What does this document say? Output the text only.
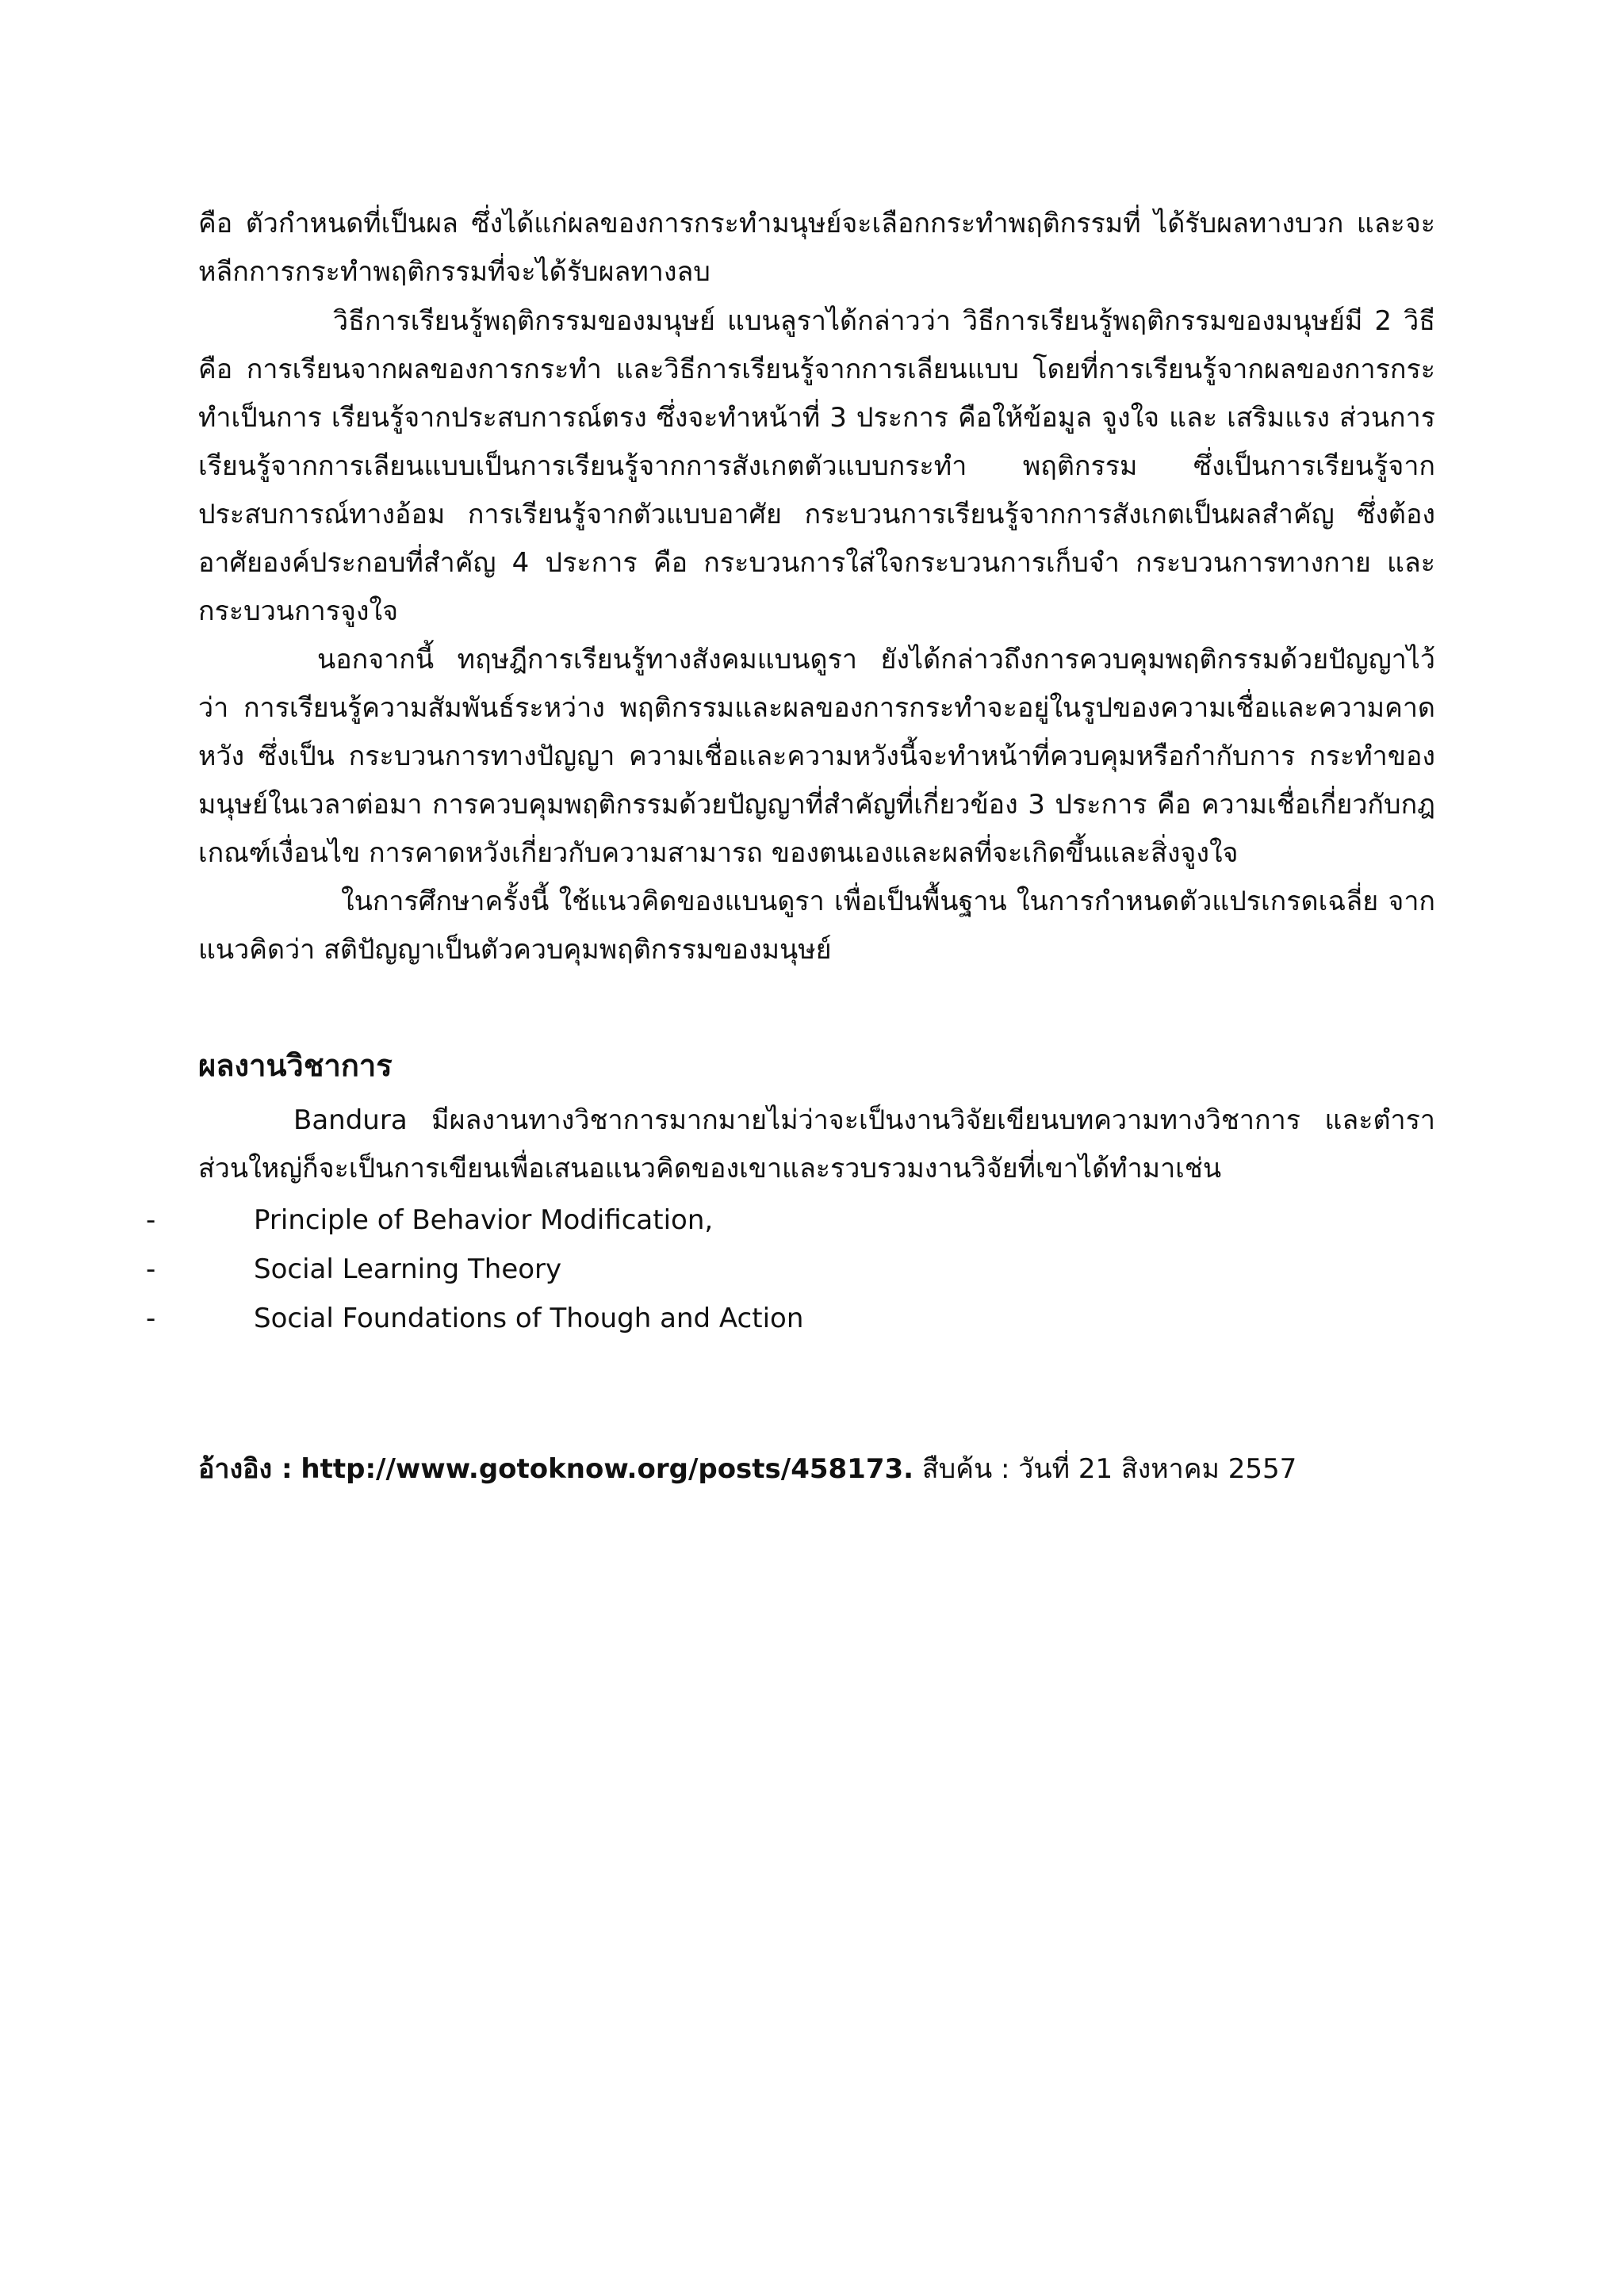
คือ ตัวกำหนดที่เป็นผล ซึ่งได้แก่ผลของการกระทำมนุษย์จะเลือกกระทำพฤติกรรมที่ ได้รับผลทางบวก และจะหลีกการกระทำพฤติกรรมที่จะได้รับผลทางลบ

วิธีการเรียนรู้พฤติกรรมของมนุษย์ แบนลูราได้กล่าวว่า วิธีการเรียนรู้พฤติกรรมของมนุษย์มี 2 วิธี คือ การเรียนจากผลของการกระทำ และวิธีการเรียนรู้จากการเลียนแบบ โดยที่การเรียนรู้จากผลของการกระทำเป็นการ เรียนรู้จากประสบการณ์ตรง ซึ่งจะทำหน้าที่ 3 ประการ คือให้ข้อมูล จูงใจ และ เสริมแรง ส่วนการเรียนรู้จากการเลียนแบบเป็นการเรียนรู้จากการสังเกตตัวแบบกระทำ พฤติกรรม ซึ่งเป็นการเรียนรู้จากประสบการณ์ทางอ้อม การเรียนรู้จากตัวแบบอาศัย กระบวนการเรียนรู้จากการสังเกตเป็นผลสำคัญ ซึ่งต้องอาศัยองค์ประกอบที่สำคัญ 4 ประการ คือ กระบวนการใส่ใจกระบวนการเก็บจำ กระบวนการทางกาย และกระบวนการจูงใจ

นอกจากนี้ ทฤษฎีการเรียนรู้ทางสังคมแบนดูรา ยังได้กล่าวถึงการควบคุมพฤติกรรมด้วยปัญญาไว้ว่า การเรียนรู้ความสัมพันธ์ระหว่าง พฤติกรรมและผลของการกระทำจะอยู่ในรูปของความเชื่อและความคาดหวัง ซึ่งเป็น กระบวนการทางปัญญา ความเชื่อและความหวังนี้จะทำหน้าที่ควบคุมหรือกำกับการ กระทำของมนุษย์ในเวลาต่อมา การควบคุมพฤติกรรมด้วยปัญญาที่สำคัญที่เกี่ยวข้อง 3 ประการ คือ ความเชื่อเกี่ยวกับกฎเกณฑ์เงื่อนไข การคาดหวังเกี่ยวกับความสามารถ ของตนเองและผลที่จะเกิดขึ้นและสิ่งจูงใจ

ในการศึกษาครั้งนี้ ใช้แนวคิดของแบนดูรา เพื่อเป็นพื้นฐาน ในการกำหนดตัวแปรเกรดเฉลี่ย จากแนวคิดว่า สติปัญญาเป็นตัวควบคุมพฤติกรรมของมนุษย์

ผลงานวิชาการ

Bandura มีผลงานทางวิชาการมากมายไม่ว่าจะเป็นงานวิจัยเขียนบทความทางวิชาการ และตำราส่วนใหญ่ก็จะเป็นการเขียนเพื่อเสนอแนวคิดของเขาและรวบรวมงานวิจัยที่เขาได้ทำมาเช่น

-	Principle of Behavior Modification,
-	Social Learning Theory
-	Social Foundations of Though and Action

อ้างอิง : http://www.gotoknow.org/posts/458173. สืบค้น : วันที่ 21 สิงหาคม 2557
